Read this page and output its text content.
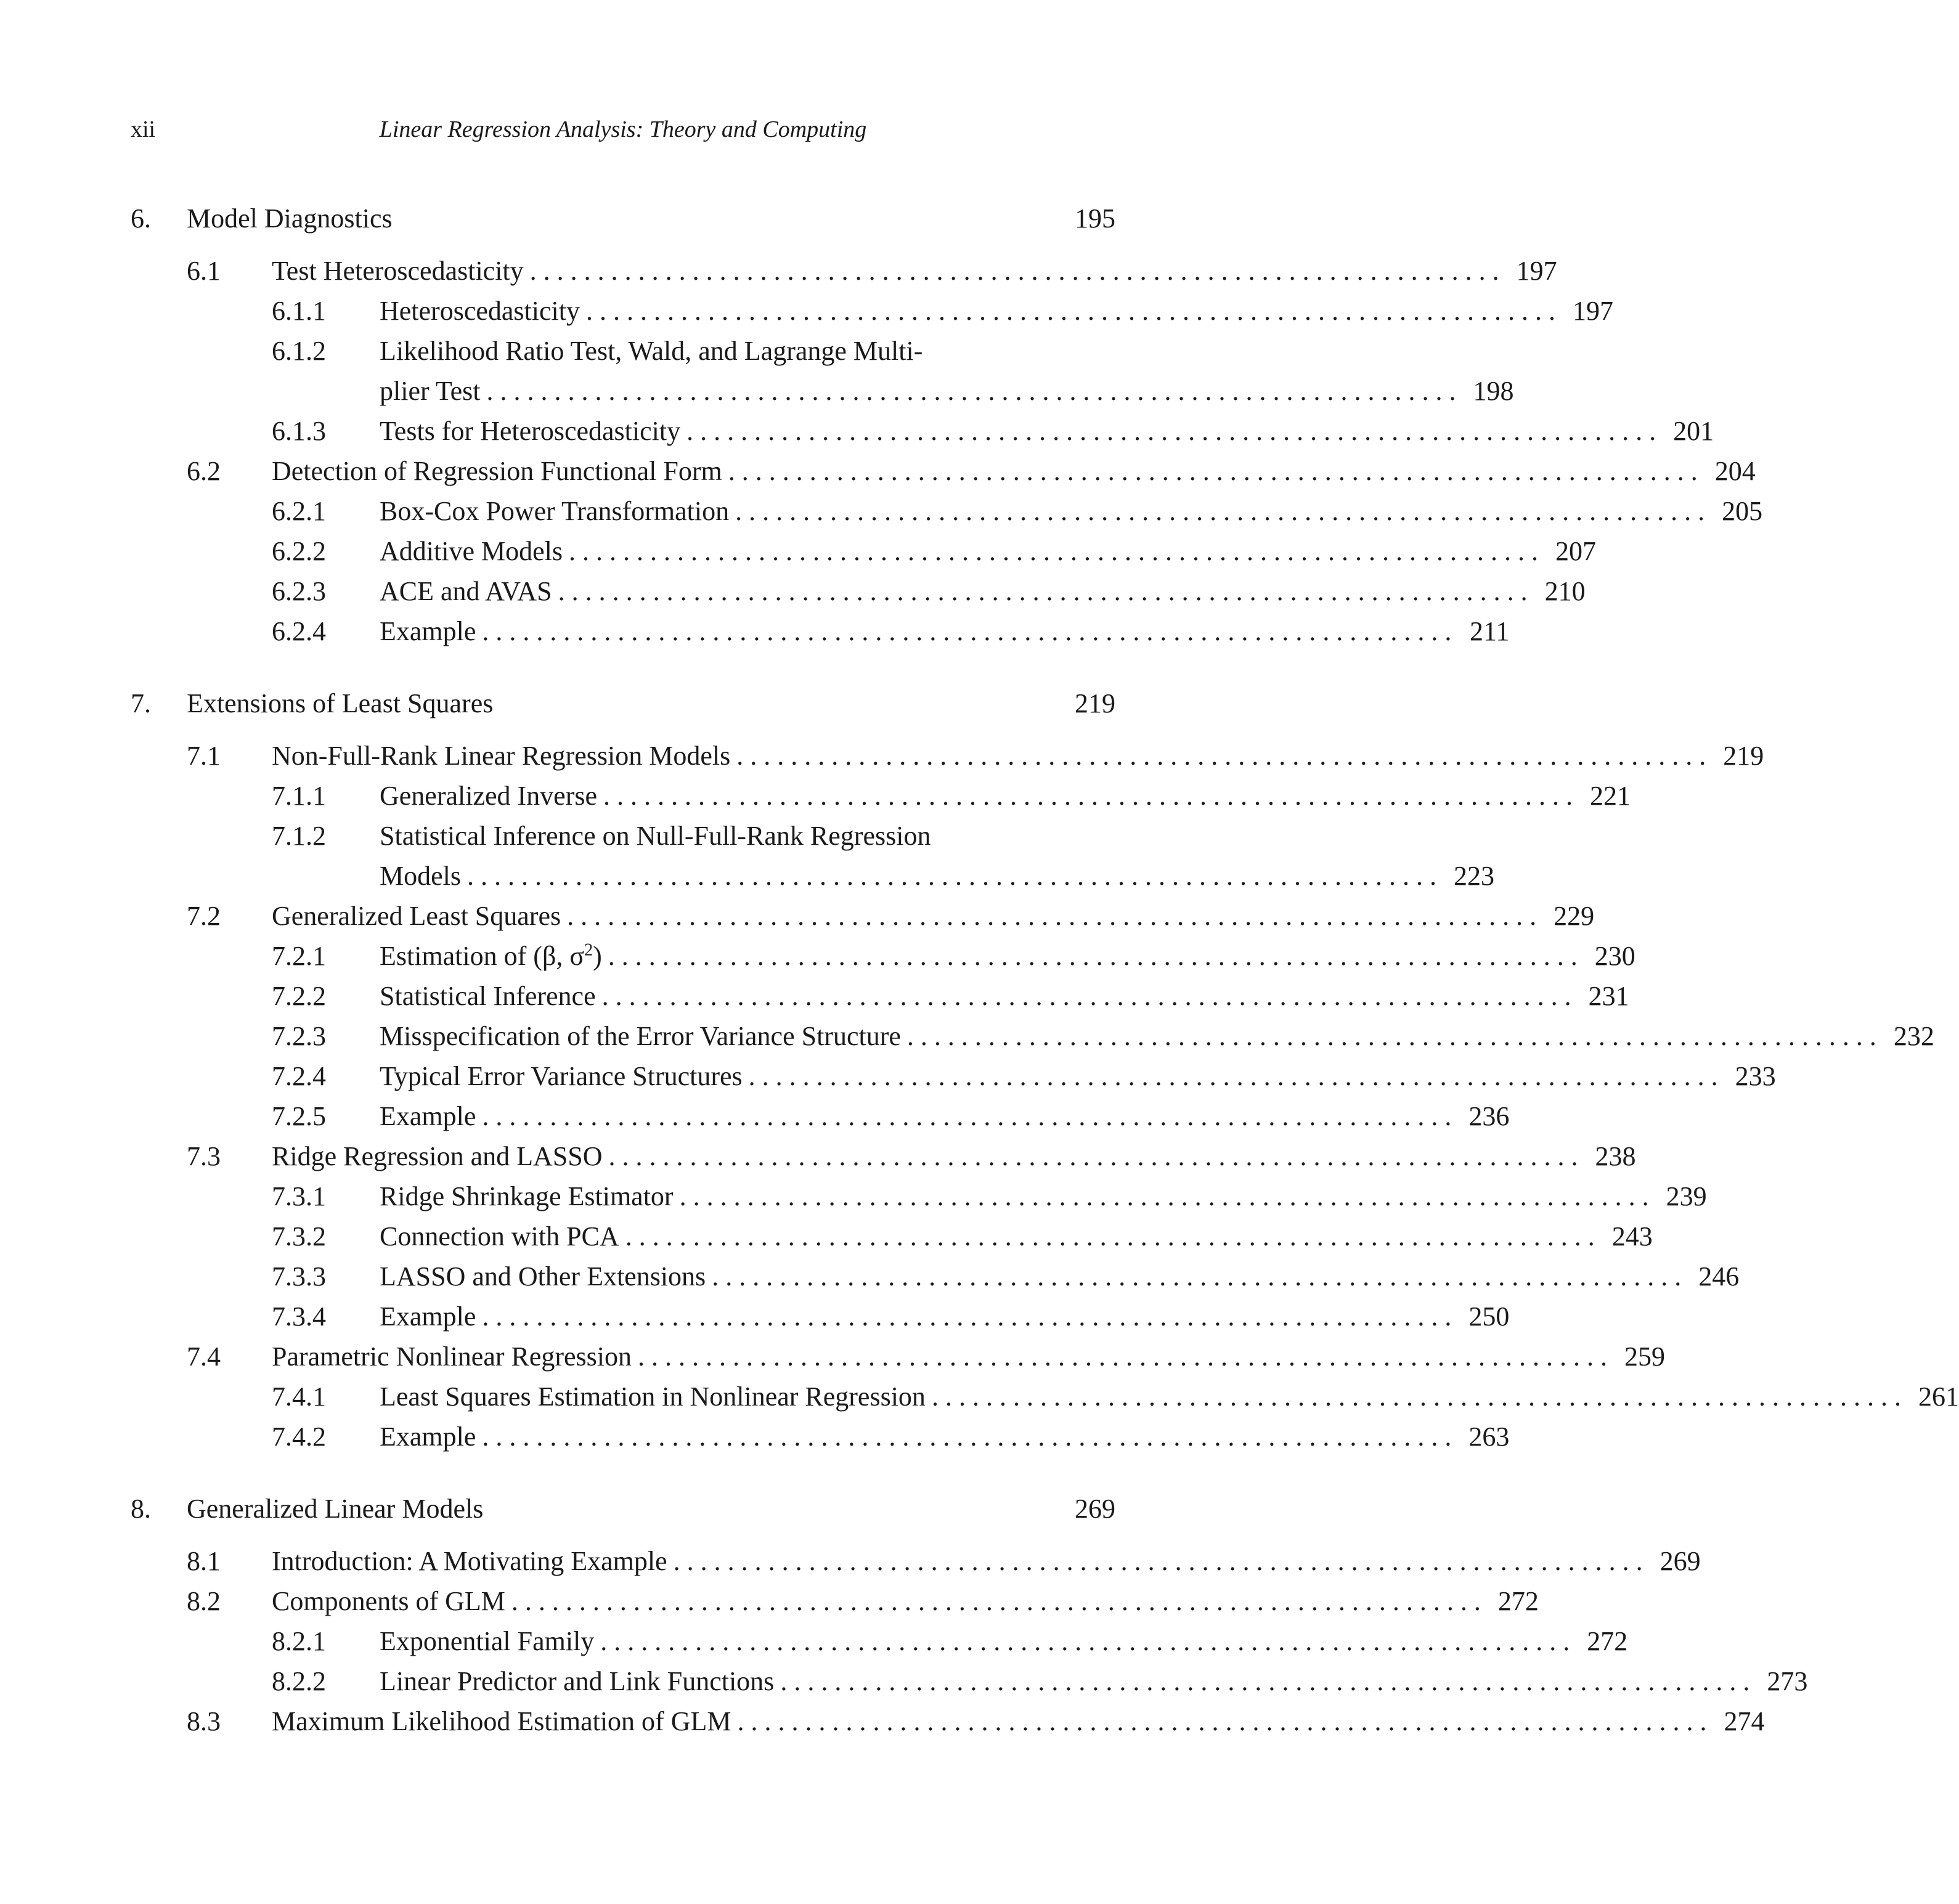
xii	Linear Regression Analysis: Theory and Computing
6.	Model Diagnostics	195
6.1	Test Heteroscedasticity . . . . . . . . . . . . . . . . . . . . . . . . . . . . . . . . . . . . . . . . . . . . . . . . . . . . . . . . . . . . . . . . . . . . . . . . 197
6.1.1	Heteroscedasticity . . . . . . . . . . . . . . . . . . . . . . . . . . . . . . . . . . . . . . . . . . . . . . . . . . . . . . . . . . . . . . . . . . . . . . . . 197
6.1.2	Likelihood Ratio Test, Wald, and Lagrange Multi-
plier Test . . . . . . . . . . . . . . . . . . . . . . . . . . . . . . . . . . . . . . . . . . . . . . . . . . . . . . . . . . . . . . . . . . . . . . . . 198
6.1.3	Tests for Heteroscedasticity . . . . . . . . . . . . . . . . . . . . . . . . . . . . . . . . . . . . . . . . . . . . . . . . . . . . . . . . . . . . . . . . . . . . . . . . 201
6.2	Detection of Regression Functional Form . . . . . . . . . . . . . . . . . . . . . . . . . . . . . . . . . . . . . . . . . . . . . . . . . . . . . . . . . . . . . . . . . . . . . . . . 204
6.2.1	Box-Cox Power Transformation . . . . . . . . . . . . . . . . . . . . . . . . . . . . . . . . . . . . . . . . . . . . . . . . . . . . . . . . . . . . . . . . . . . . . . . . 205
6.2.2	Additive Models . . . . . . . . . . . . . . . . . . . . . . . . . . . . . . . . . . . . . . . . . . . . . . . . . . . . . . . . . . . . . . . . . . . . . . . . 207
6.2.3	ACE and AVAS . . . . . . . . . . . . . . . . . . . . . . . . . . . . . . . . . . . . . . . . . . . . . . . . . . . . . . . . . . . . . . . . . . . . . . . . 210
6.2.4	Example . . . . . . . . . . . . . . . . . . . . . . . . . . . . . . . . . . . . . . . . . . . . . . . . . . . . . . . . . . . . . . . . . . . . . . . . 211
7.	Extensions of Least Squares	219
7.1	Non-Full-Rank Linear Regression Models . . . . . . . . . . . . . . . . . . . . . . . . . . . . . . . . . . . . . . . . . . . . . . . . . . . . . . . . . . . . . . . . . . . . . . . . 219
7.1.1	Generalized Inverse . . . . . . . . . . . . . . . . . . . . . . . . . . . . . . . . . . . . . . . . . . . . . . . . . . . . . . . . . . . . . . . . . . . . . . . . 221
7.1.2	Statistical Inference on Null-Full-Rank Regression
Models . . . . . . . . . . . . . . . . . . . . . . . . . . . . . . . . . . . . . . . . . . . . . . . . . . . . . . . . . . . . . . . . . . . . . . . . 223
7.2	Generalized Least Squares . . . . . . . . . . . . . . . . . . . . . . . . . . . . . . . . . . . . . . . . . . . . . . . . . . . . . . . . . . . . . . . . . . . . . . . . 229
7.2.1	Estimation of (β, $\sigma^2$) . . . . . . . . . . . . . . . . . . . . . . . . . . . . . . . . . . . . . . . . . . . . . . . . . . . . . . . . . . . . . . . . . . . . . . . . 230
7.2.2	Statistical Inference . . . . . . . . . . . . . . . . . . . . . . . . . . . . . . . . . . . . . . . . . . . . . . . . . . . . . . . . . . . . . . . . . . . . . . . . 231
7.2.3	Misspecification of the Error Variance Structure . . . . . . . . . . . . . . . . . . . . . . . . . . . . . . . . . . . . . . . . . . . . . . . . . . . . . . . . . . . . . . . . . . . . . . . . 232
7.2.4	Typical Error Variance Structures . . . . . . . . . . . . . . . . . . . . . . . . . . . . . . . . . . . . . . . . . . . . . . . . . . . . . . . . . . . . . . . . . . . . . . . . 233
7.2.5	Example . . . . . . . . . . . . . . . . . . . . . . . . . . . . . . . . . . . . . . . . . . . . . . . . . . . . . . . . . . . . . . . . . . . . . . . . 236
7.3	Ridge Regression and LASSO . . . . . . . . . . . . . . . . . . . . . . . . . . . . . . . . . . . . . . . . . . . . . . . . . . . . . . . . . . . . . . . . . . . . . . . . 238
7.3.1	Ridge Shrinkage Estimator . . . . . . . . . . . . . . . . . . . . . . . . . . . . . . . . . . . . . . . . . . . . . . . . . . . . . . . . . . . . . . . . . . . . . . . . 239
7.3.2	Connection with PCA . . . . . . . . . . . . . . . . . . . . . . . . . . . . . . . . . . . . . . . . . . . . . . . . . . . . . . . . . . . . . . . . . . . . . . . . 243
7.3.3	LASSO and Other Extensions . . . . . . . . . . . . . . . . . . . . . . . . . . . . . . . . . . . . . . . . . . . . . . . . . . . . . . . . . . . . . . . . . . . . . . . . 246
7.3.4	Example . . . . . . . . . . . . . . . . . . . . . . . . . . . . . . . . . . . . . . . . . . . . . . . . . . . . . . . . . . . . . . . . . . . . . . . . 250
7.4	Parametric Nonlinear Regression . . . . . . . . . . . . . . . . . . . . . . . . . . . . . . . . . . . . . . . . . . . . . . . . . . . . . . . . . . . . . . . . . . . . . . . . 259
7.4.1	Least Squares Estimation in Nonlinear Regression . . . . . . . . . . . . . . . . . . . . . . . . . . . . . . . . . . . . . . . . . . . . . . . . . . . . . . . . . . . . . . . . . . . . . . . . 261
7.4.2	Example . . . . . . . . . . . . . . . . . . . . . . . . . . . . . . . . . . . . . . . . . . . . . . . . . . . . . . . . . . . . . . . . . . . . . . . . 263
8.	Generalized Linear Models	269
8.1	Introduction: A Motivating Example . . . . . . . . . . . . . . . . . . . . . . . . . . . . . . . . . . . . . . . . . . . . . . . . . . . . . . . . . . . . . . . . . . . . . . . . 269
8.2	Components of GLM . . . . . . . . . . . . . . . . . . . . . . . . . . . . . . . . . . . . . . . . . . . . . . . . . . . . . . . . . . . . . . . . . . . . . . . . 272
8.2.1	Exponential Family . . . . . . . . . . . . . . . . . . . . . . . . . . . . . . . . . . . . . . . . . . . . . . . . . . . . . . . . . . . . . . . . . . . . . . . . 272
8.2.2	Linear Predictor and Link Functions . . . . . . . . . . . . . . . . . . . . . . . . . . . . . . . . . . . . . . . . . . . . . . . . . . . . . . . . . . . . . . . . . . . . . . . . 273
8.3	Maximum Likelihood Estimation of GLM . . . . . . . . . . . . . . . . . . . . . . . . . . . . . . . . . . . . . . . . . . . . . . . . . . . . . . . . . . . . . . . . . . . . . . . . 274
